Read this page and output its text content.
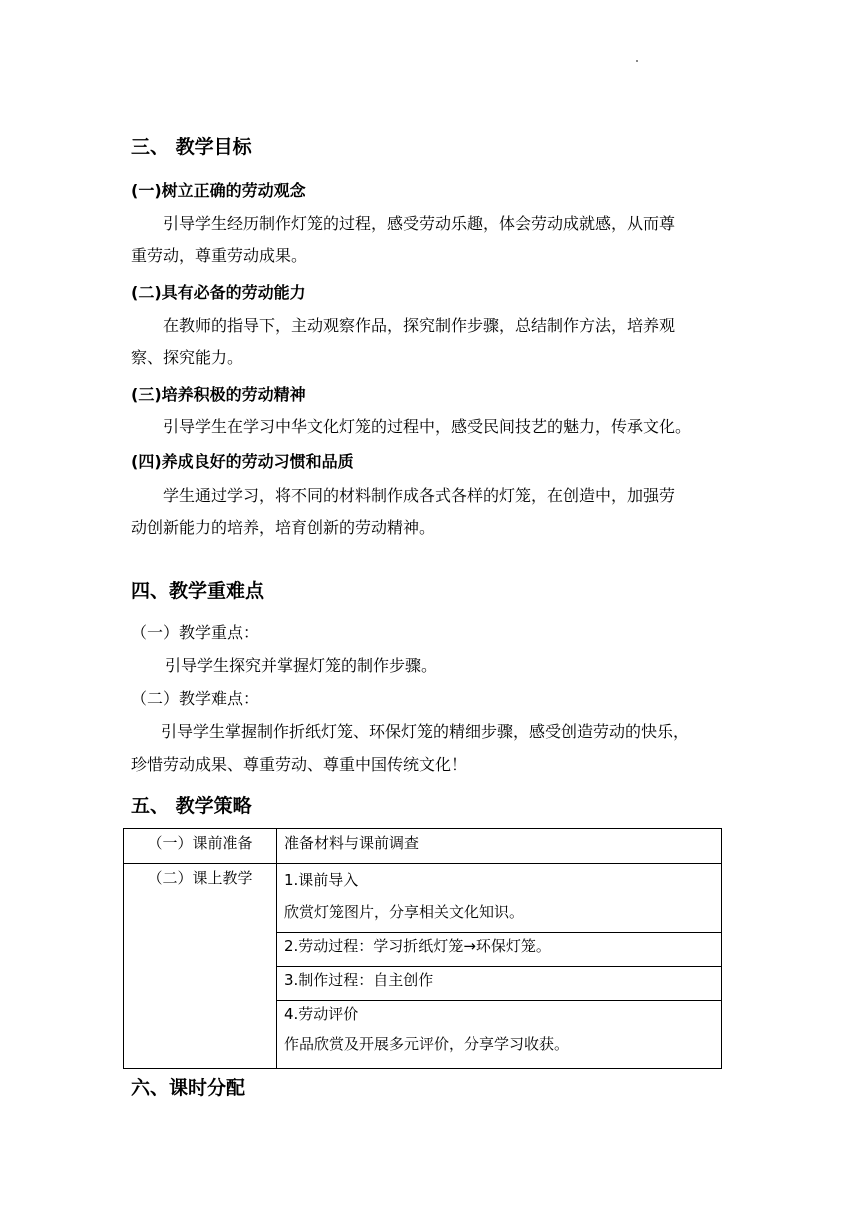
三、 教学目标
(一)树立正确的劳动观念
引导学生经历制作灯笼的过程，感受劳动乐趣，体会劳动成就感，从而尊
重劳动，尊重劳动成果。
(二)具有必备的劳动能力
在教师的指导下，主动观察作品，探究制作步骤，总结制作方法，培养观
察、探究能力。
(三)培养积极的劳动精神
引导学生在学习中华文化灯笼的过程中，感受民间技艺的魅力，传承文化。
(四)养成良好的劳动习惯和品质
学生通过学习，将不同的材料制作成各式各样的灯笼，在创造中，加强劳
动创新能力的培养，培育创新的劳动精神。
四、教学重难点
（一）教学重点：
引导学生探究并掌握灯笼的制作步骤。
（二）教学难点：
引导学生掌握制作折纸灯笼、环保灯笼的精细步骤，感受创造劳动的快乐，
珍惜劳动成果、尊重劳动、尊重中国传统文化！
五、 教学策略
（一）课前准备	准备材料与课前调查

（二）课上教学	1.课前导入
欣赏灯笼图片，分享相关文化知识。

	2.劳动过程：学习折纸灯笼→环保灯笼。

	3.制作过程：自主创作

	4.劳动评价
作品欣赏及开展多元评价，分享学习收获。
六、课时分配
